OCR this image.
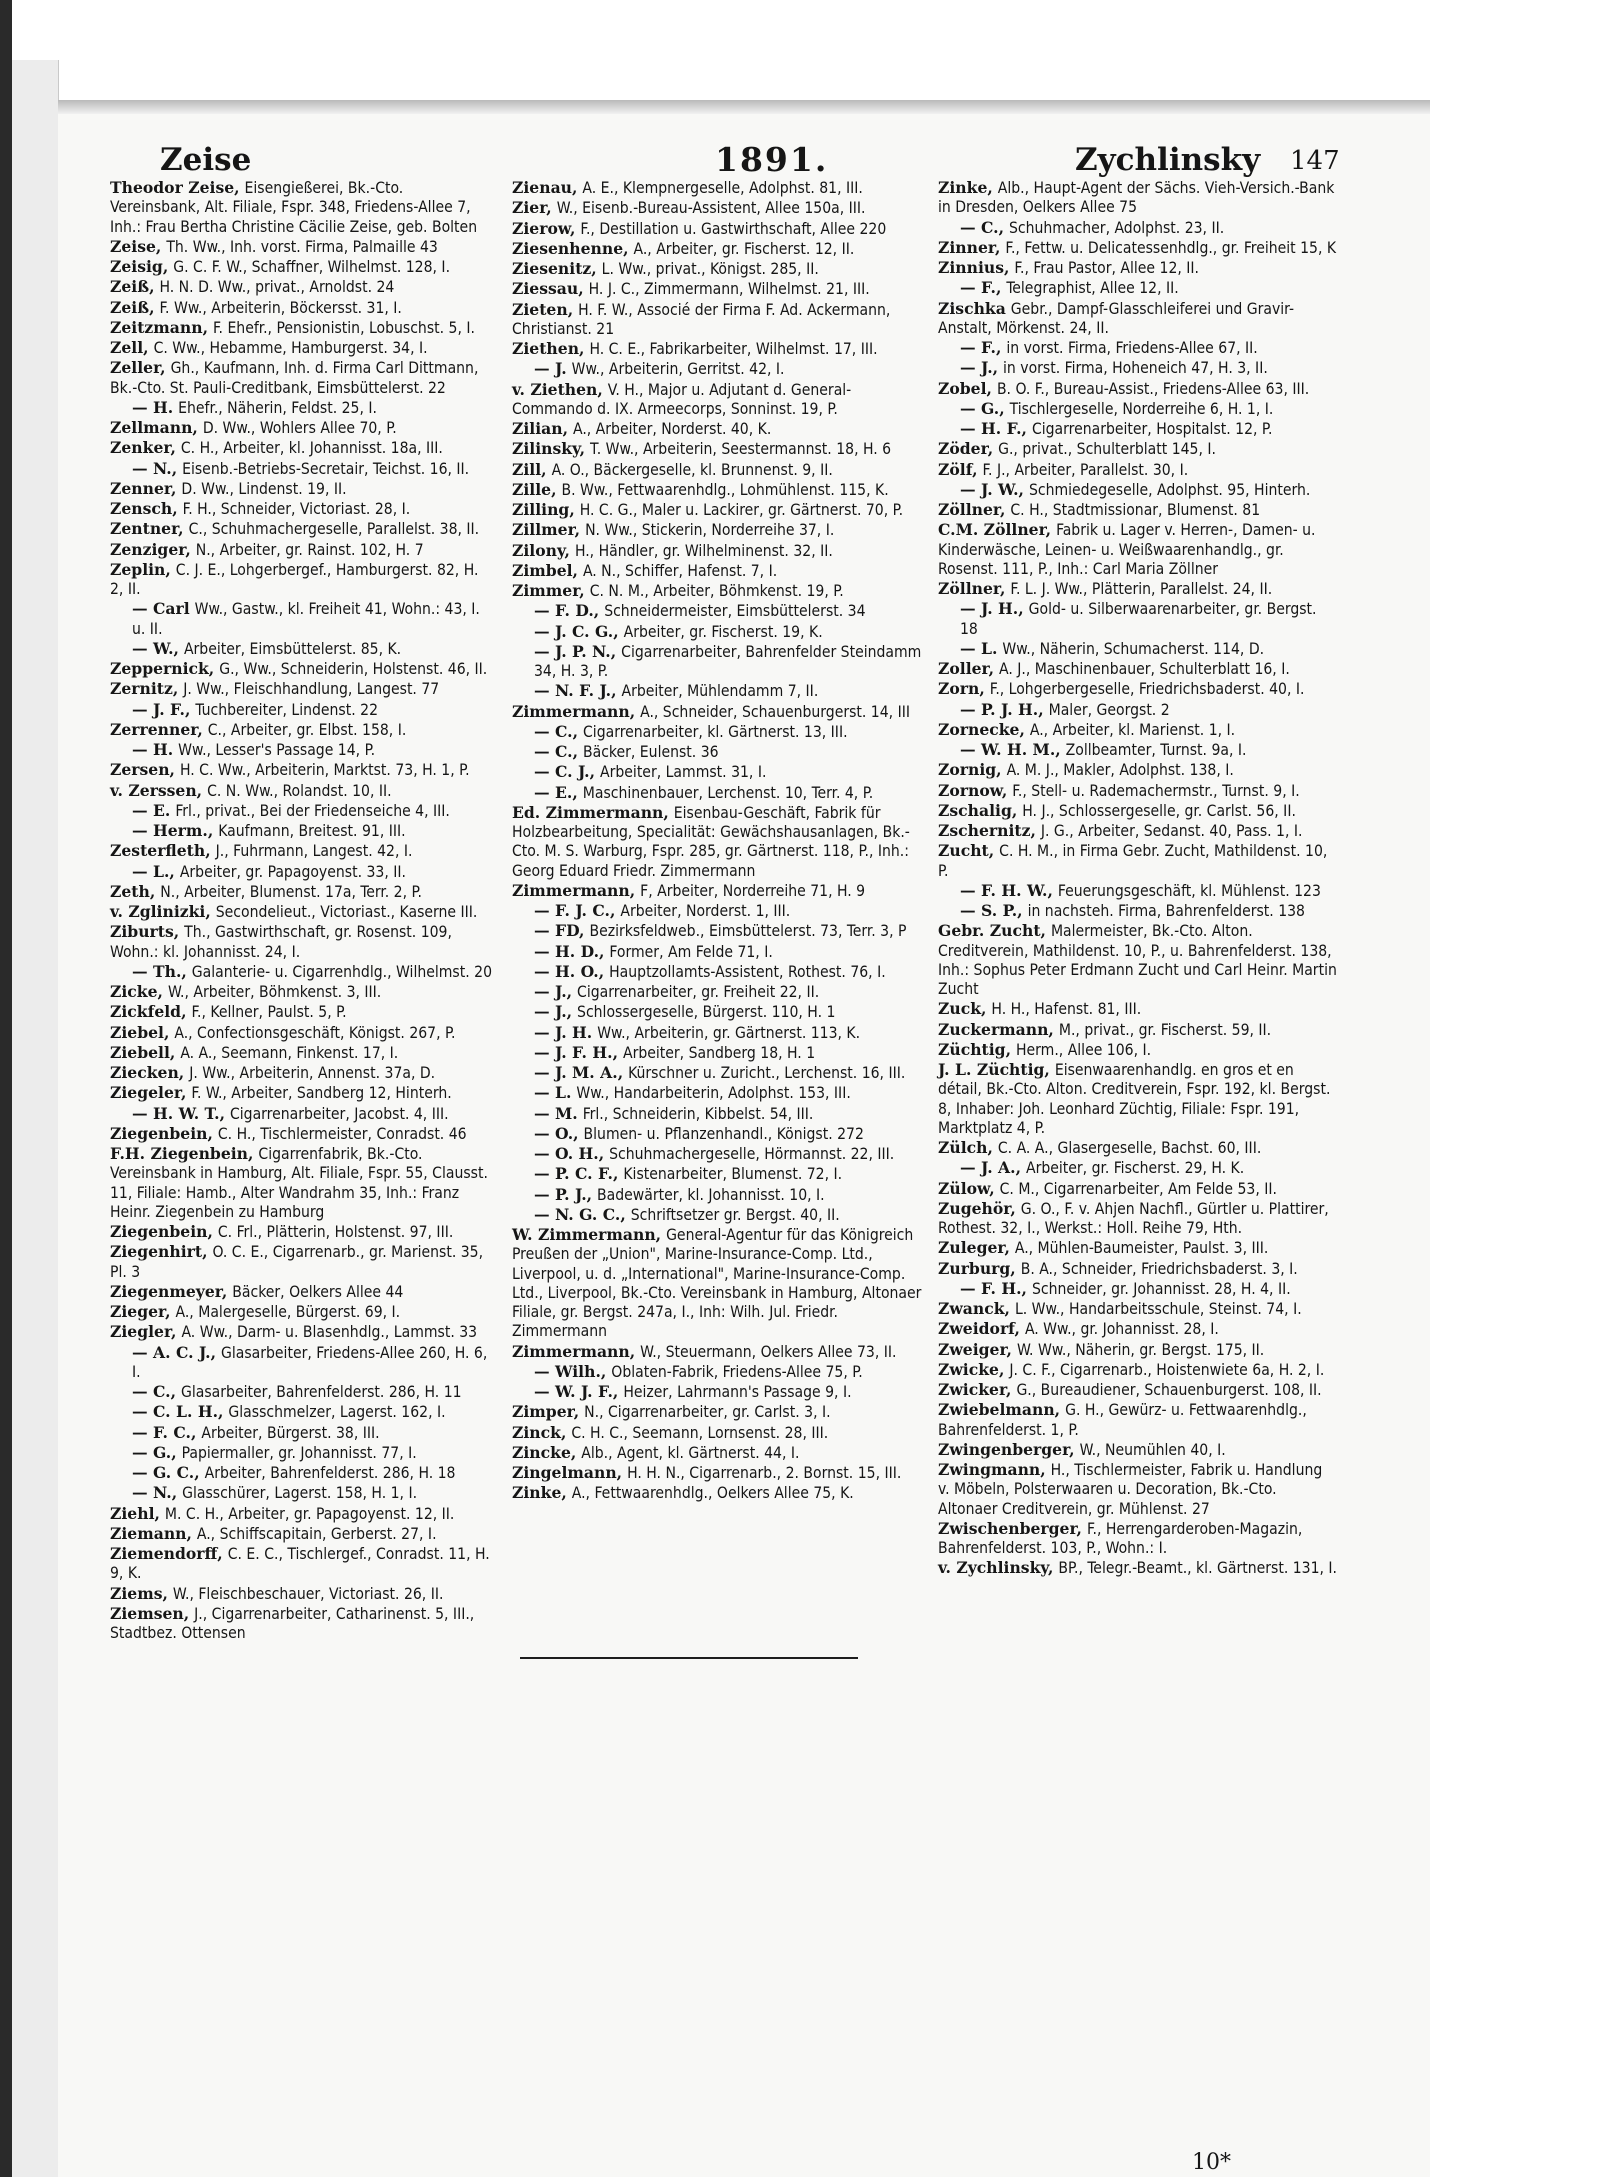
Zeise	1891.	Zychlinsky 147

Theodor Zeise, Eisengießerei, Bk.-Cto. Vereinsbank, Alt. Filiale, Fspr. 348, Friedens-Allee 7, Inh.: Frau Bertha Christine Cäcilie Zeise, geb. Bolten

Zeise, Th. Ww., Inh. vorst. Firma, Palmaille 43

Zeisig, G. C. F. W., Schaffner, Wilhelmst. 128, I.

Zeiß, H. N. D. Ww., privat., Arnoldst. 24

Zeiß, F. Ww., Arbeiterin, Böckersst. 31, I.

Zeitzmann, F. Ehefr., Pensionistin, Lobuschst. 5, I.

Zell, C. Ww., Hebamme, Hamburgerst. 34, I.

Zeller, Gh., Kaufmann, Inh. d. Firma Carl Dittmann, Bk.-Cto. St. Pauli-Creditbank, Eimsbüttelerst. 22

— H. Ehefr., Näherin, Feldst. 25, I.

Zellmann, D. Ww., Wohlers Allee 70, P.

Zenker, C. H., Arbeiter, kl. Johannisst. 18a, III.

— N., Eisenb.-Betriebs-Secretair, Teichst. 16, II.

Zenner, D. Ww., Lindenst. 19, II.

Zensch, F. H., Schneider, Victoriast. 28, I.

Zentner, C., Schuhmachergeselle, Parallelst. 38, II.

Zenziger, N., Arbeiter, gr. Rainst. 102, H. 7

Zeplin, C. J. E., Lohgerbergef., Hamburgerst. 82, H. 2, II.

— Carl Ww., Gastw., kl. Freiheit 41, Wohn.: 43, I. u. II.

— W., Arbeiter, Eimsbüttelerst. 85, K.

Zeppernick, G., Ww., Schneiderin, Holstenst. 46, II.

Zernitz, J. Ww., Fleischhandlung, Langest. 77

— J. F., Tuchbereiter, Lindenst. 22

Zerrenner, C., Arbeiter, gr. Elbst. 158, I.

— H. Ww., Lesser's Passage 14, P.

Zersen, H. C. Ww., Arbeiterin, Marktst. 73, H. 1, P.

v. Zerssen, C. N. Ww., Rolandst. 10, II.

— E. Frl., privat., Bei der Friedenseiche 4, III.

— Herm., Kaufmann, Breitest. 91, III.

Zesterfleth, J., Fuhrmann, Langest. 42, I.

— L., Arbeiter, gr. Papagoyenst. 33, II.

Zeth, N., Arbeiter, Blumenst. 17a, Terr. 2, P.

v. Zglinizki, Secondelieut., Victoriast., Kaserne III.

Ziburts, Th., Gastwirthschaft, gr. Rosenst. 109, Wohn.: kl. Johannisst. 24, I.

— Th., Galanterie- u. Cigarrenhdlg., Wilhelmst. 20

Zicke, W., Arbeiter, Böhmkenst. 3, III.

Zickfeld, F., Kellner, Paulst. 5, P.

Ziebel, A., Confectionsgeschäft, Königst. 267, P.

Ziebell, A. A., Seemann, Finkenst. 17, I.

Ziecken, J. Ww., Arbeiterin, Annenst. 37a, D.

Ziegeler, F. W., Arbeiter, Sandberg 12, Hinterh.

— H. W. T., Cigarrenarbeiter, Jacobst. 4, III.

Ziegenbein, C. H., Tischlermeister, Conradst. 46

F.H. Ziegenbein, Cigarrenfabrik, Bk.-Cto. Vereinsbank in Hamburg, Alt. Filiale, Fspr. 55, Clausst. 11, Filiale: Hamb., Alter Wandrahm 35, Inh.: Franz Heinr. Ziegenbein zu Hamburg

Ziegenbein, C. Frl., Plätterin, Holstenst. 97, III.

Ziegenhirt, O. C. E., Cigarrenarb., gr. Marienst. 35, Pl. 3

Ziegenmeyer, Bäcker, Oelkers Allee 44

Zieger, A., Malergeselle, Bürgerst. 69, I.

Ziegler, A. Ww., Darm- u. Blasenhdlg., Lammst. 33

— A. C. J., Glasarbeiter, Friedens-Allee 260, H. 6, I.

— C., Glasarbeiter, Bahrenfelderst. 286, H. 11

— C. L. H., Glasschmelzer, Lagerst. 162, I.

— F. C., Arbeiter, Bürgerst. 38, III.

— G., Papiermaller, gr. Johannisst. 77, I.

— G. C., Arbeiter, Bahrenfelderst. 286, H. 18

— N., Glasschürer, Lagerst. 158, H. 1, I.

Ziehl, M. C. H., Arbeiter, gr. Papagoyenst. 12, II.

Ziemann, A., Schiffscapitain, Gerberst. 27, I.

Ziemendorff, C. E. C., Tischlergef., Conradst. 11, H. 9, K.

Ziems, W., Fleischbeschauer, Victoriast. 26, II.

Ziemsen, J., Cigarrenarbeiter, Catharinenst. 5, III., Stadtbez. Ottensen

Zienau, A. E., Klempnergeselle, Adolphst. 81, III.

Zier, W., Eisenb.-Bureau-Assistent, Allee 150a, III.

Zierow, F., Destillation u. Gastwirthschaft, Allee 220

Ziesenhenne, A., Arbeiter, gr. Fischerst. 12, II.

Ziesenitz, L. Ww., privat., Königst. 285, II.

Ziessau, H. J. C., Zimmermann, Wilhelmst. 21, III.

Zieten, H. F. W., Associé der Firma F. Ad. Ackermann, Christianst. 21

Ziethen, H. C. E., Fabrikarbeiter, Wilhelmst. 17, III.

— J. Ww., Arbeiterin, Gerritst. 42, I.

v. Ziethen, V. H., Major u. Adjutant d. General-Commando d. IX. Armeecorps, Sonninst. 19, P.

Zilian, A., Arbeiter, Norderst. 40, K.

Zilinsky, T. Ww., Arbeiterin, Seestermannst. 18, H. 6

Zill, A. O., Bäckergeselle, kl. Brunnenst. 9, II.

Zille, B. Ww., Fettwaarenhdlg., Lohmühlenst. 115, K.

Zilling, H. C. G., Maler u. Lackirer, gr. Gärtnerst. 70, P.

Zillmer, N. Ww., Stickerin, Norderreihe 37, I.

Zilony, H., Händler, gr. Wilhelminenst. 32, II.

Zimbel, A. N., Schiffer, Hafenst. 7, I.

Zimmer, C. N. M., Arbeiter, Böhmkenst. 19, P.

— F. D., Schneidermeister, Eimsbüttelerst. 34

— J. C. G., Arbeiter, gr. Fischerst. 19, K.

— J. P. N., Cigarrenarbeiter, Bahrenfelder Steindamm 34, H. 3, P.

— N. F. J., Arbeiter, Mühlendamm 7, II.

Zimmermann, A., Schneider, Schauenburgerst. 14, III

— C., Cigarrenarbeiter, kl. Gärtnerst. 13, III.

— C., Bäcker, Eulenst. 36

— C. J., Arbeiter, Lammst. 31, I.

— E., Maschinenbauer, Lerchenst. 10, Terr. 4, P.

Ed. Zimmermann, Eisenbau-Geschäft, Fabrik für Holzbearbeitung, Specialität: Gewächshausanlagen, Bk.-Cto. M. S. Warburg, Fspr. 285, gr. Gärtnerst. 118, P., Inh.: Georg Eduard Friedr. Zimmermann

Zimmermann, F, Arbeiter, Norderreihe 71, H. 9

— F. J. C., Arbeiter, Norderst. 1, III.

— FD, Bezirksfeldweb., Eimsbüttelerst. 73, Terr. 3, P

— H. D., Former, Am Felde 71, I.

— H. O., Hauptzollamts-Assistent, Rothest. 76, I.

— J., Cigarrenarbeiter, gr. Freiheit 22, II.

— J., Schlossergeselle, Bürgerst. 110, H. 1

— J. H. Ww., Arbeiterin, gr. Gärtnerst. 113, K.

— J. F. H., Arbeiter, Sandberg 18, H. 1

— J. M. A., Kürschner u. Zuricht., Lerchenst. 16, III.

— L. Ww., Handarbeiterin, Adolphst. 153, III.

— M. Frl., Schneiderin, Kibbelst. 54, III.

— O., Blumen- u. Pflanzenhandl., Königst. 272

— O. H., Schuhmachergeselle, Hörmannst. 22, III.

— P. C. F., Kistenarbeiter, Blumenst. 72, I.

— P. J., Badewärter, kl. Johannisst. 10, I.

— N. G. C., Schriftsetzer gr. Bergst. 40, II.

W. Zimmermann, General-Agentur für das Königreich Preußen der „Union", Marine-Insurance-Comp. Ltd., Liverpool, u. d. „International", Marine-Insurance-Comp. Ltd., Liverpool, Bk.-Cto. Vereinsbank in Hamburg, Altonaer Filiale, gr. Bergst. 247a, I., Inh: Wilh. Jul. Friedr. Zimmermann

Zimmermann, W., Steuermann, Oelkers Allee 73, II.

— Wilh., Oblaten-Fabrik, Friedens-Allee 75, P.

— W. J. F., Heizer, Lahrmann's Passage 9, I.

Zimper, N., Cigarrenarbeiter, gr. Carlst. 3, I.

Zinck, C. H. C., Seemann, Lornsenst. 28, III.

Zincke, Alb., Agent, kl. Gärtnerst. 44, I.

Zingelmann, H. H. N., Cigarrenarb., 2. Bornst. 15, III.

Zinke, A., Fettwaarenhdlg., Oelkers Allee 75, K.

Zinke, Alb., Haupt-Agent der Sächs. Vieh-Versich.-Bank in Dresden, Oelkers Allee 75

— C., Schuhmacher, Adolphst. 23, II.

Zinner, F., Fettw. u. Delicatessenhdlg., gr. Freiheit 15, K

Zinnius, F., Frau Pastor, Allee 12, II.

— F., Telegraphist, Allee 12, II.

Zischka Gebr., Dampf-Glasschleiferei und Gravir-Anstalt, Mörkenst. 24, II.

— F., in vorst. Firma, Friedens-Allee 67, II.

— J., in vorst. Firma, Hoheneich 47, H. 3, II.

Zobel, B. O. F., Bureau-Assist., Friedens-Allee 63, III.

— G., Tischlergeselle, Norderreihe 6, H. 1, I.

— H. F., Cigarrenarbeiter, Hospitalst. 12, P.

Zöder, G., privat., Schulterblatt 145, I.

Zölf, F. J., Arbeiter, Parallelst. 30, I.

— J. W., Schmiedegeselle, Adolphst. 95, Hinterh.

Zöllner, C. H., Stadtmissionar, Blumenst. 81

C.M. Zöllner, Fabrik u. Lager v. Herren-, Damen- u. Kinderwäsche, Leinen- u. Weißwaarenhandlg., gr. Rosenst. 111, P., Inh.: Carl Maria Zöllner

Zöllner, F. L. J. Ww., Plätterin, Parallelst. 24, II.

— J. H., Gold- u. Silberwaarenarbeiter, gr. Bergst. 18

— L. Ww., Näherin, Schumacherst. 114, D.

Zoller, A. J., Maschinenbauer, Schulterblatt 16, I.

Zorn, F., Lohgerbergeselle, Friedrichsbaderst. 40, I.

— P. J. H., Maler, Georgst. 2

Zornecke, A., Arbeiter, kl. Marienst. 1, I.

— W. H. M., Zollbeamter, Turnst. 9a, I.

Zornig, A. M. J., Makler, Adolphst. 138, I.

Zornow, F., Stell- u. Rademachermstr., Turnst. 9, I.

Zschalig, H. J., Schlossergeselle, gr. Carlst. 56, II.

Zschernitz, J. G., Arbeiter, Sedanst. 40, Pass. 1, I.

Zucht, C. H. M., in Firma Gebr. Zucht, Mathildenst. 10, P.

— F. H. W., Feuerungsgeschäft, kl. Mühlenst. 123

— S. P., in nachsteh. Firma, Bahrenfelderst. 138

Gebr. Zucht, Malermeister, Bk.-Cto. Alton. Creditverein, Mathildenst. 10, P., u. Bahrenfelderst. 138, Inh.: Sophus Peter Erdmann Zucht und Carl Heinr. Martin Zucht

Zuck, H. H., Hafenst. 81, III.

Zuckermann, M., privat., gr. Fischerst. 59, II.

Züchtig, Herm., Allee 106, I.

J. L. Züchtig, Eisenwaarenhandlg. en gros et en détail, Bk.-Cto. Alton. Creditverein, Fspr. 192, kl. Bergst. 8, Inhaber: Joh. Leonhard Züchtig, Filiale: Fspr. 191, Marktplatz 4, P.

Zülch, C. A. A., Glasergeselle, Bachst. 60, III.

— J. A., Arbeiter, gr. Fischerst. 29, H. K.

Zülow, C. M., Cigarrenarbeiter, Am Felde 53, II.

Zugehör, G. O., F. v. Ahjen Nachfl., Gürtler u. Plattirer, Rothest. 32, I., Werkst.: Holl. Reihe 79, Hth.

Zuleger, A., Mühlen-Baumeister, Paulst. 3, III.

Zurburg, B. A., Schneider, Friedrichsbaderst. 3, I.

— F. H., Schneider, gr. Johannisst. 28, H. 4, II.

Zwanck, L. Ww., Handarbeitsschule, Steinst. 74, I.

Zweidorf, A. Ww., gr. Johannisst. 28, I.

Zweiger, W. Ww., Näherin, gr. Bergst. 175, II.

Zwicke, J. C. F., Cigarrenarb., Hoistenwiete 6a, H. 2, I.

Zwicker, G., Bureaudiener, Schauenburgerst. 108, II.

Zwiebelmann, G. H., Gewürz- u. Fettwaarenhdlg., Bahrenfelderst. 1, P.

Zwingenberger, W., Neumühlen 40, I.

Zwingmann, H., Tischlermeister, Fabrik u. Handlung v. Möbeln, Polsterwaaren u. Decoration, Bk.-Cto. Altonaer Creditverein, gr. Mühlenst. 27

Zwischenberger, F., Herrengarderoben-Magazin, Bahrenfelderst. 103, P., Wohn.: I.

v. Zychlinsky, BP., Telegr.-Beamt., kl. Gärtnerst. 131, I.

10*
